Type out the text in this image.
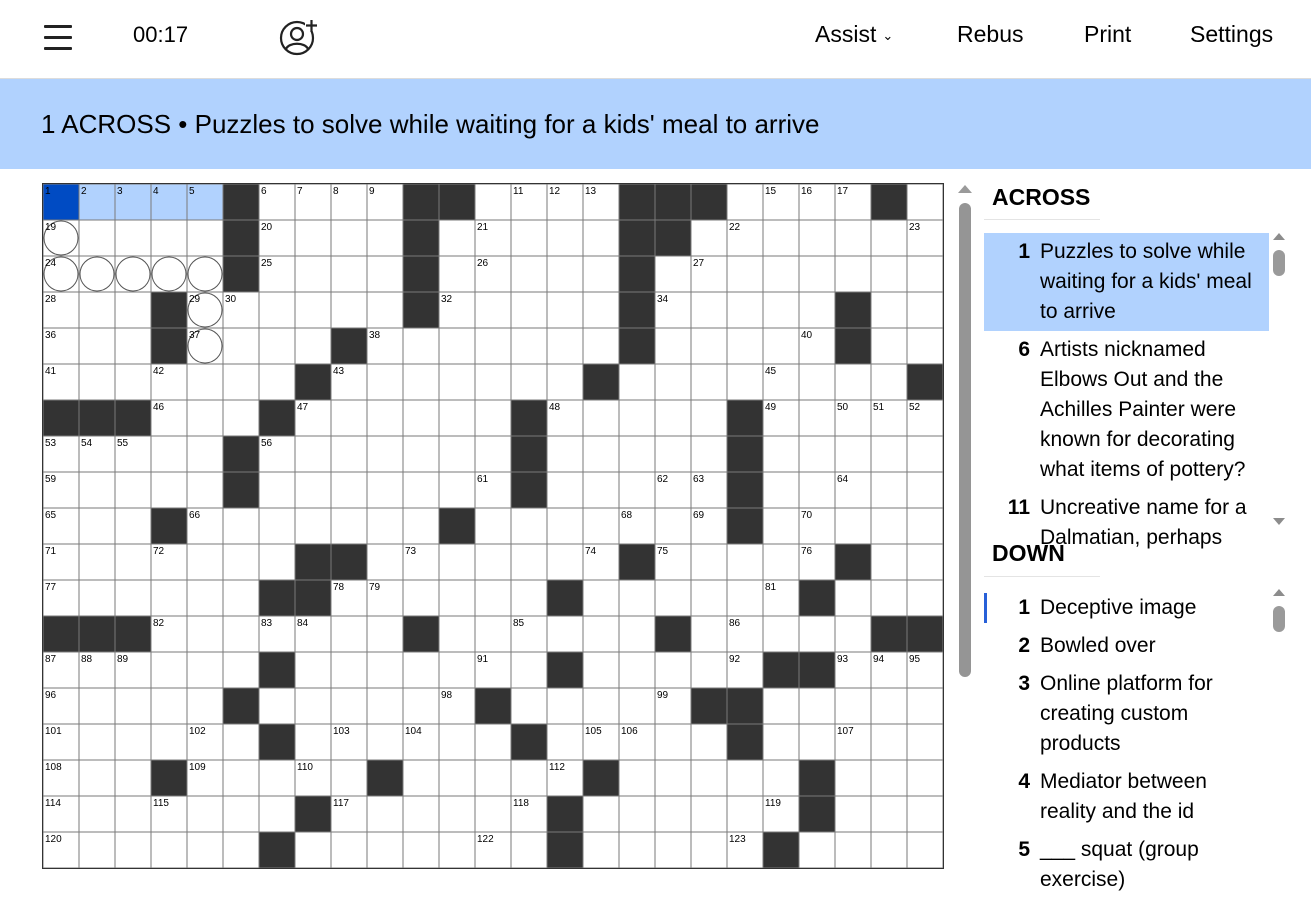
00:17	Assist ⌄	Rebus	Print	Settings
1 ACROSS • Puzzles to solve while waiting for a kids' meal to arrive
1	2	3	4	5	6	7	8	9	11	12 13	15 16 17
19	20	21	22	23
24	25	26	27
28	29 30	32	34
36	37	38	40
41	42	43	45
46	47	48	49	50 51 52
53 54 55	56
59	61	62 63	64
65	66	68	69	70
71	72	73	74	75	76
77	78 79	81
82	83 84	85	86
87 88 89	91	92	93 94 95
96	98	99
101	102	103	104	105 106	107
108	109	110	112
114	115	117	118	119
120	122	123
ACROSS
1 Puzzles to solve while waiting for a kids' meal to arrive
6 Artists nicknamed Elbows Out and the Achilles Painter were known for decorating what items of pottery?
11 Uncreative name for a Dalmatian, perhaps
DOWN
1 Deceptive image
2 Bowled over
3 Online platform for creating custom products
4 Mediator between reality and the id
5 ___ squat (group exercise)
